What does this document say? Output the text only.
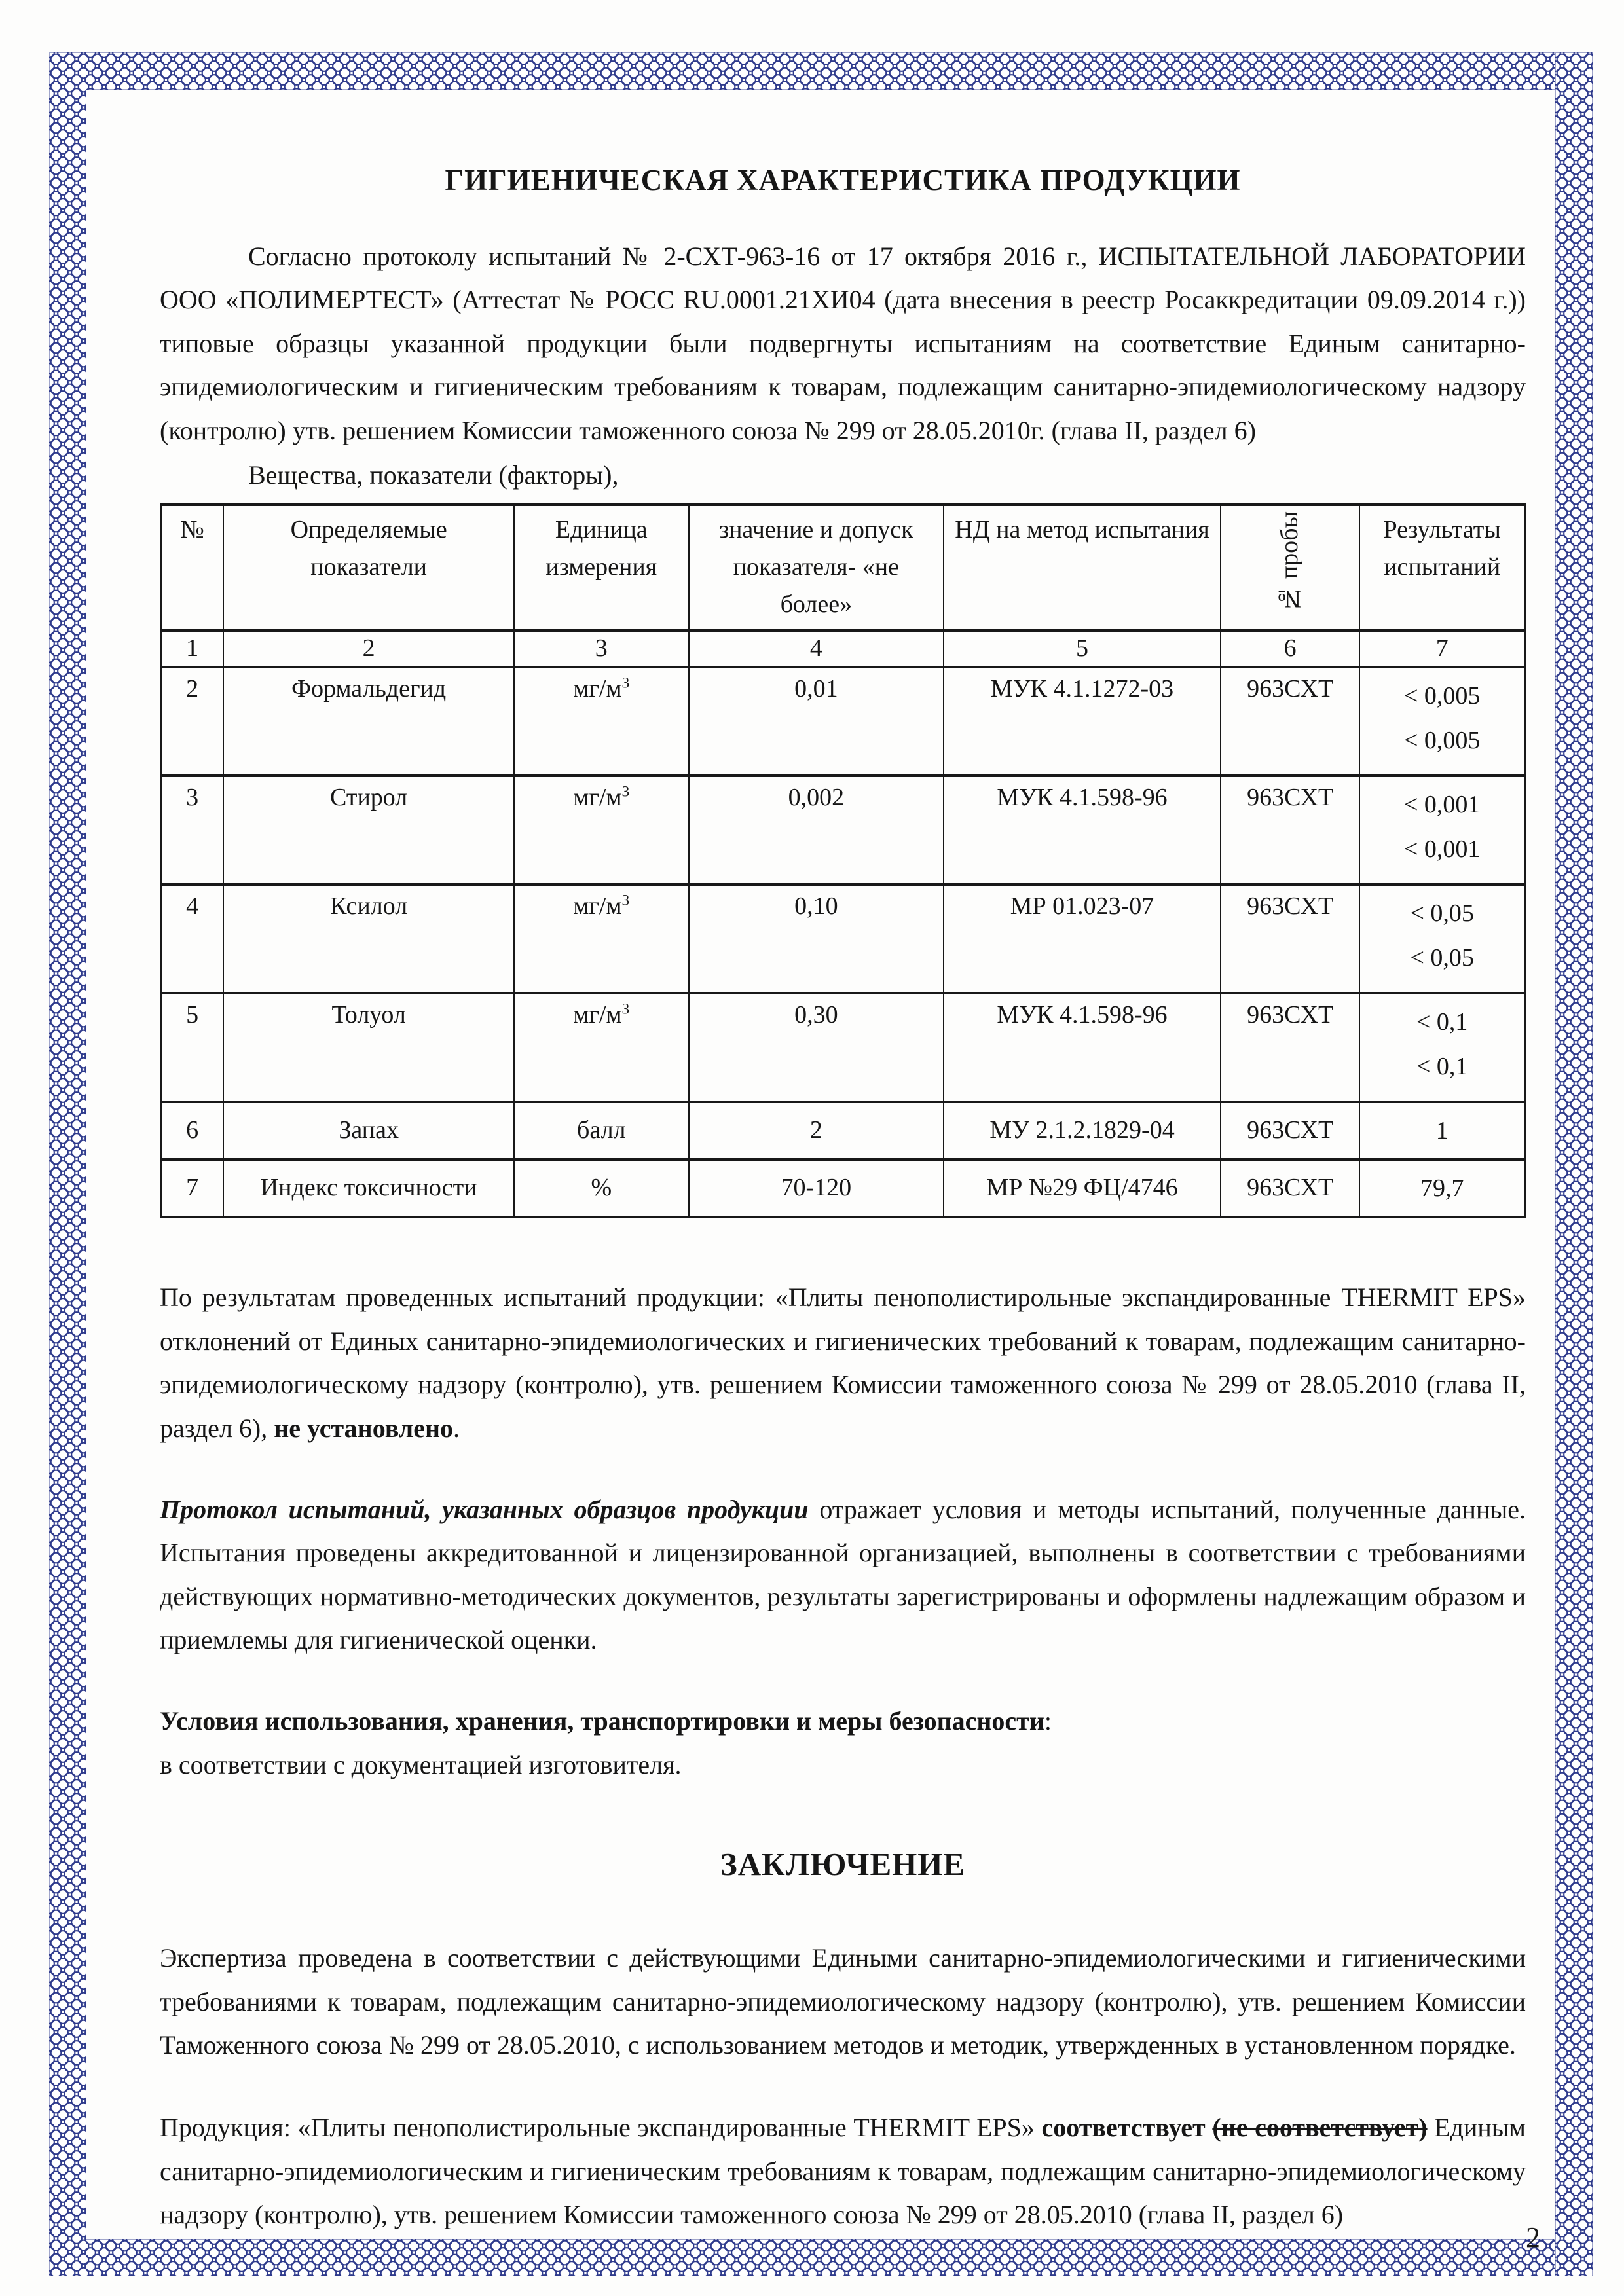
ГИГИЕНИЧЕСКАЯ ХАРАКТЕРИСТИКА ПРОДУКЦИИ

Согласно протоколу испытаний № 2-СХТ-963-16 от 17 октября 2016 г., ИСПЫТАТЕЛЬНОЙ ЛАБОРАТОРИИ ООО «ПОЛИМЕРТЕСТ» (Аттестат № РОСС RU.0001.21ХИ04 (дата внесения в реестр Росаккредитации 09.09.2014 г.)) типовые образцы указанной продукции были подвергнуты испытаниям на соответствие Единым санитарно-эпидемиологическим и гигиеническим требованиям к товарам, подлежащим санитарно-эпидемиологическому надзору (контролю) утв. решением Комиссии таможенного союза № 299 от 28.05.2010г. (глава II, раздел 6)

Вещества, показатели (факторы),

№	Определяемые показатели	Единица измерения	значение и допуск показателя- «не более»	НД на метод испытания	№ пробы	Результаты испытаний
1	2	3	4	5	6	7
2	Формальдегид	$мг/м^3$	0,01	МУК 4.1.1272-03	963СХТ	< 0,005
< 0,005

3	Стирол	$мг/м^3$	0,002	МУК 4.1.598-96	963СХТ	< 0,001
< 0,001

4	Ксилол	$мг/м^3$	0,10	МР 01.023-07	963СХТ	< 0,05
< 0,05

5	Толуол	$мг/м^3$	0,30	МУК 4.1.598-96	963СХТ	< 0,1
< 0,1

6	Запах	балл	2	МУ 2.1.2.1829-04	963СХТ	1

7	Индекс токсичности	%	70-120	МР №29 ФЦ/4746	963СХТ	79,7

По результатам проведенных испытаний продукции: «Плиты пенополистирольные экспандированные THERMIT EPS» отклонений от Единых санитарно-эпидемиологических и гигиенических требований к товарам, подлежащим санитарно-эпидемиологическому надзору (контролю), утв. решением Комиссии таможенного союза № 299 от 28.05.2010 (глава II, раздел 6), не установлено.

Протокол испытаний, указанных образцов продукции отражает условия и методы испытаний, полученные данные. Испытания проведены аккредитованной и лицензированной организацией, выполнены в соответствии с требованиями действующих нормативно-методических документов, результаты зарегистрированы и оформлены надлежащим образом и приемлемы для гигиенической оценки.

Условия использования, хранения, транспортировки и меры безопасности:

в соответствии с документацией изготовителя.

ЗАКЛЮЧЕНИЕ

Экспертиза проведена в соответствии с действующими Едиными санитарно-эпидемиологическими и гигиеническими требованиями к товарам, подлежащим санитарно-эпидемиологическому надзору (контролю), утв. решением Комиссии Таможенного союза № 299 от 28.05.2010, с использованием методов и методик, утвержденных в установленном порядке.

Продукция: «Плиты пенополистирольные экспандированные THERMIT EPS» соответствует (не соответствует) Единым санитарно-эпидемиологическим и гигиеническим требованиям к товарам, подлежащим санитарно-эпидемиологическому надзору (контролю), утв. решением Комиссии таможенного союза № 299 от 28.05.2010 (глава II, раздел 6)

2
